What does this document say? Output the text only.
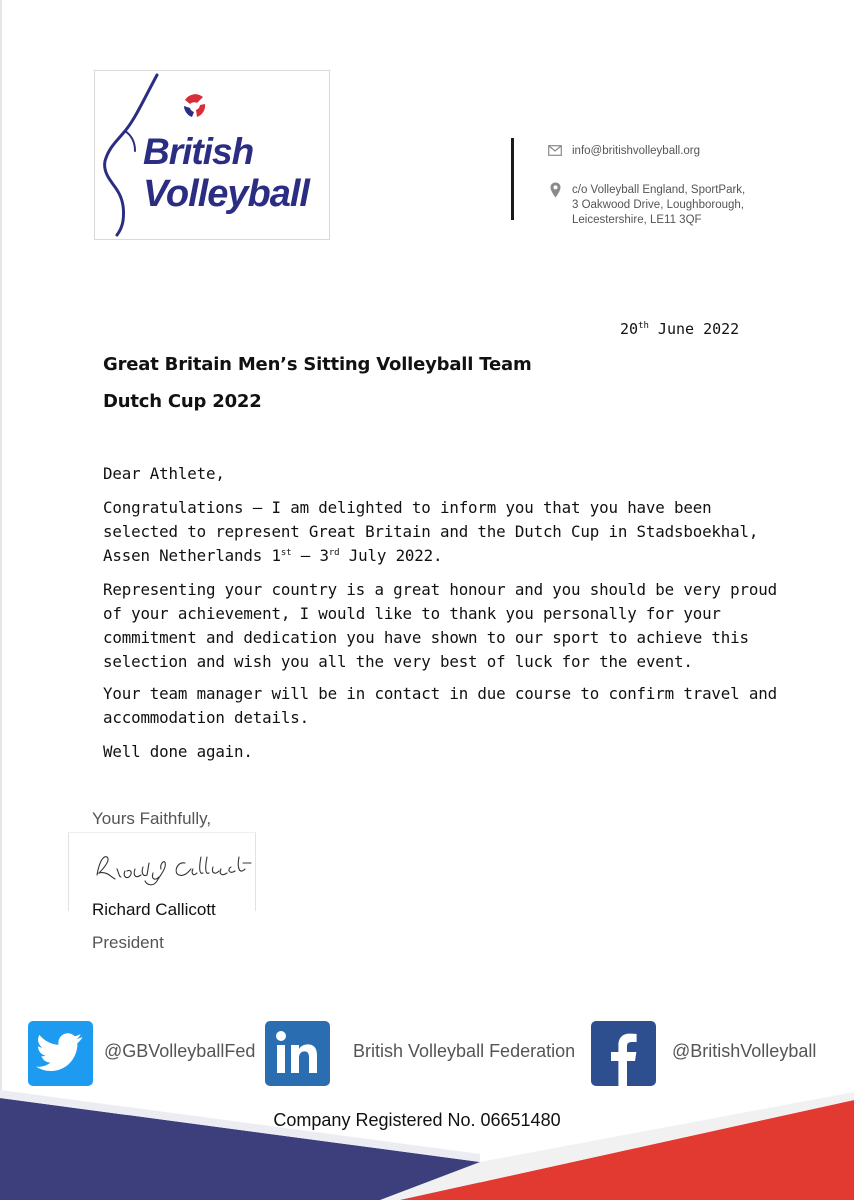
British
Volleyball
info@britishvolleyball.org
c/o Volleyball England, SportPark,
3 Oakwood Drive, Loughborough,
Leicestershire, LE11 3QF
20th June 2022
Great Britain Men’s Sitting Volleyball Team
Dutch Cup 2022
Dear Athlete,
Congratulations – I am delighted to inform you that you have been selected to represent Great Britain and the Dutch Cup in Stadsboekhal, Assen Netherlands 1st – 3rd July 2022.
Representing your country is a great honour and you should be very proud of your achievement, I would like to thank you personally for your commitment and dedication you have shown to our sport to achieve this selection and wish you all the very best of luck for the event.
Your team manager will be in contact in due course to confirm travel and accommodation details.
Well done again.
Yours Faithfully,
Richard Callicott
President
@GBVolleyballFed	British Volleyball Federation	@BritishVolleyball
Company Registered No. 06651480
